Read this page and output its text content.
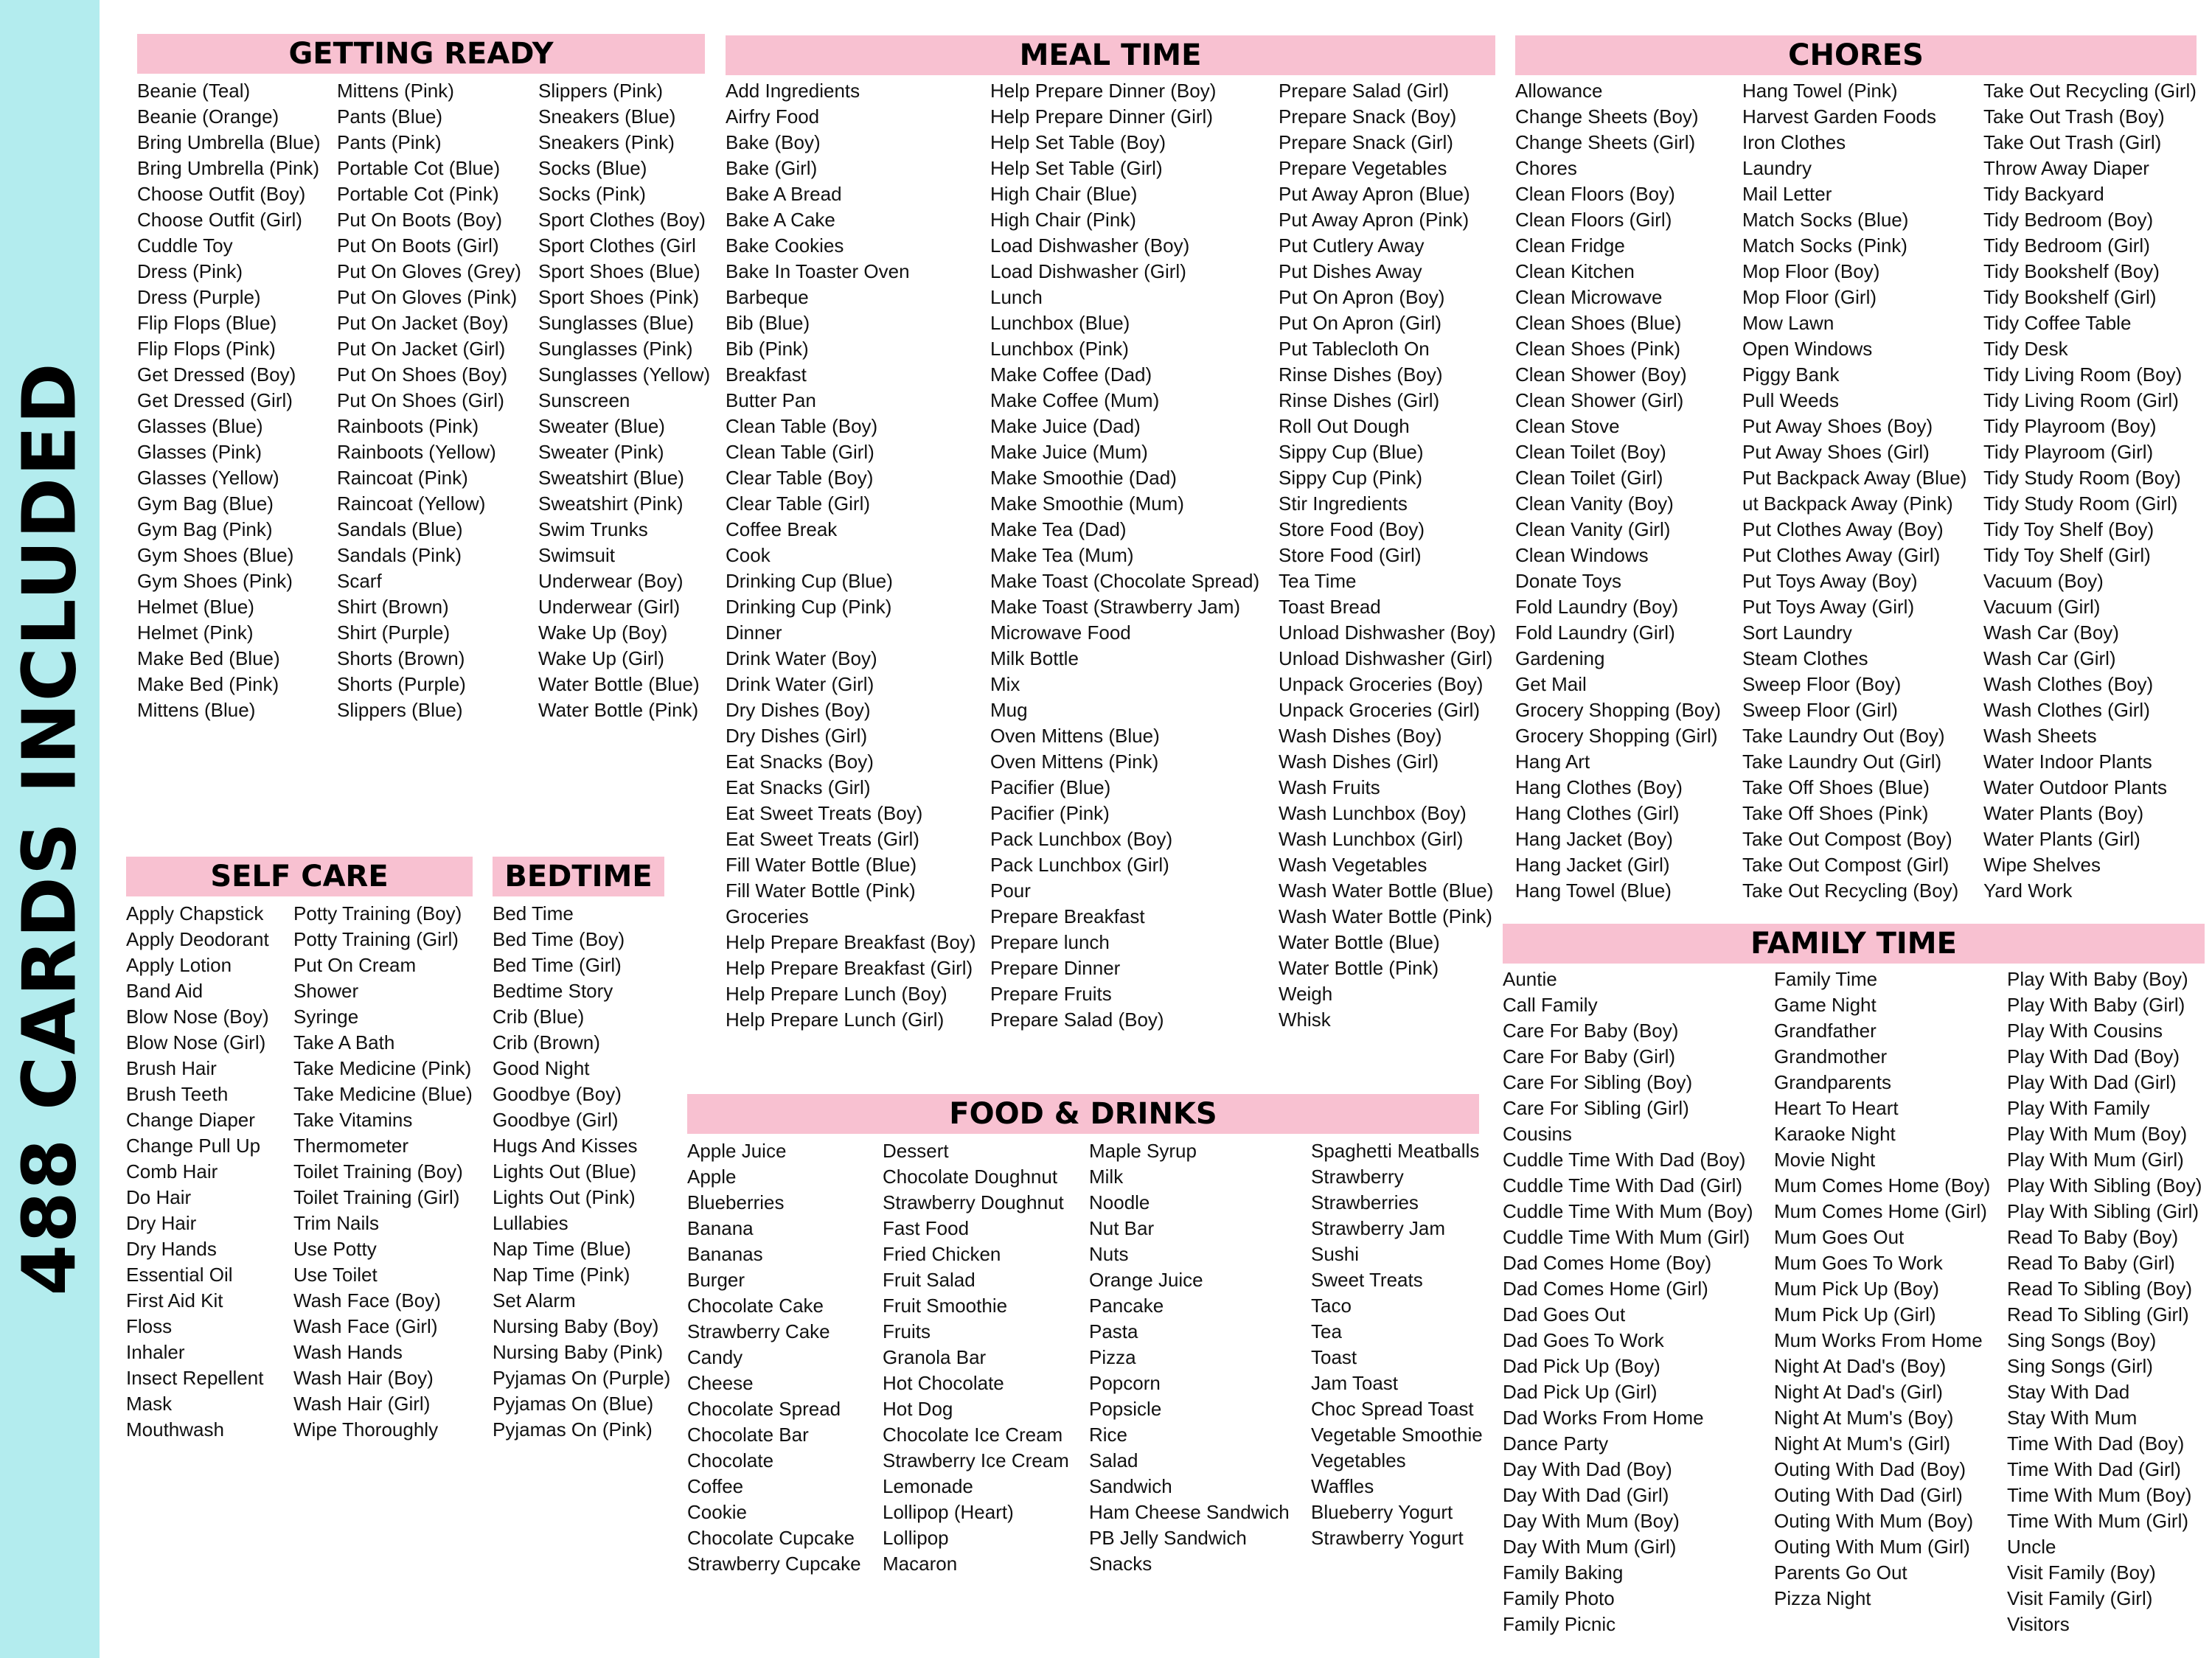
488 CARDS INCLUDED
GETTING READY
Beanie (Teal)
Beanie (Orange)
Bring Umbrella (Blue)
Bring Umbrella (Pink)
Choose Outfit (Boy)
Choose Outfit (Girl)
Cuddle Toy
Dress (Pink)
Dress (Purple)
Flip Flops (Blue)
Flip Flops (Pink)
Get Dressed (Boy)
Get Dressed (Girl)
Glasses (Blue)
Glasses (Pink)
Glasses (Yellow)
Gym Bag (Blue)
Gym Bag (Pink)
Gym Shoes (Blue)
Gym Shoes (Pink)
Helmet (Blue)
Helmet (Pink)
Make Bed (Blue)
Make Bed (Pink)
Mittens (Blue)
Mittens (Pink)
Pants (Blue)
Pants (Pink)
Portable Cot (Blue)
Portable Cot (Pink)
Put On Boots (Boy)
Put On Boots (Girl)
Put On Gloves (Grey)
Put On Gloves (Pink)
Put On Jacket (Boy)
Put On Jacket (Girl)
Put On Shoes (Boy)
Put On Shoes (Girl)
Rainboots (Pink)
Rainboots (Yellow)
Raincoat (Pink)
Raincoat (Yellow)
Sandals (Blue)
Sandals (Pink)
Scarf
Shirt (Brown)
Shirt (Purple)
Shorts (Brown)
Shorts (Purple)
Slippers (Blue)
Slippers (Pink)
Sneakers (Blue)
Sneakers (Pink)
Socks (Blue)
Socks (Pink)
Sport Clothes (Boy)
Sport Clothes (Girl
Sport Shoes (Blue)
Sport Shoes (Pink)
Sunglasses (Blue)
Sunglasses (Pink)
Sunglasses (Yellow)
Sunscreen
Sweater (Blue)
Sweater (Pink)
Sweatshirt (Blue)
Sweatshirt (Pink)
Swim Trunks
Swimsuit
Underwear (Boy)
Underwear (Girl)
Wake Up (Boy)
Wake Up (Girl)
Water Bottle (Blue)
Water Bottle (Pink)
MEAL TIME
Add Ingredients
Airfry Food
Bake (Boy)
Bake (Girl)
Bake A Bread
Bake A Cake
Bake Cookies
Bake In Toaster Oven
Barbeque
Bib (Blue)
Bib (Pink)
Breakfast
Butter Pan
Clean Table (Boy)
Clean Table (Girl)
Clear Table (Boy)
Clear Table (Girl)
Coffee Break
Cook
Drinking Cup (Blue)
Drinking Cup (Pink)
Dinner
Drink Water (Boy)
Drink Water (Girl)
Dry Dishes (Boy)
Dry Dishes (Girl)
Eat Snacks (Boy)
Eat Snacks (Girl)
Eat Sweet Treats (Boy)
Eat Sweet Treats (Girl)
Fill Water Bottle (Blue)
Fill Water Bottle (Pink)
Groceries
Help Prepare Breakfast (Boy)
Help Prepare Breakfast (Girl)
Help Prepare Lunch (Boy)
Help Prepare Lunch (Girl)
Help Prepare Dinner (Boy)
Help Prepare Dinner (Girl)
Help Set Table (Boy)
Help Set Table (Girl)
High Chair (Blue)
High Chair (Pink)
Load Dishwasher (Boy)
Load Dishwasher (Girl)
Lunch
Lunchbox (Blue)
Lunchbox (Pink)
Make Coffee (Dad)
Make Coffee (Mum)
Make Juice (Dad)
Make Juice (Mum)
Make Smoothie (Dad)
Make Smoothie (Mum)
Make Tea (Dad)
Make Tea (Mum)
Make Toast (Chocolate Spread)
Make Toast (Strawberry Jam)
Microwave Food
Milk Bottle
Mix
Mug
Oven Mittens (Blue)
Oven Mittens (Pink)
Pacifier (Blue)
Pacifier (Pink)
Pack Lunchbox (Boy)
Pack Lunchbox (Girl)
Pour
Prepare Breakfast
Prepare lunch
Prepare Dinner
Prepare Fruits
Prepare Salad (Boy)
Prepare Salad (Girl)
Prepare Snack (Boy)
Prepare Snack (Girl)
Prepare Vegetables
Put Away Apron (Blue)
Put Away Apron (Pink)
Put Cutlery Away
Put Dishes Away
Put On Apron (Boy)
Put On Apron (Girl)
Put Tablecloth On
Rinse Dishes (Boy)
Rinse Dishes (Girl)
Roll Out Dough
Sippy Cup (Blue)
Sippy Cup (Pink)
Stir Ingredients
Store Food (Boy)
Store Food (Girl)
Tea Time
Toast Bread
Unload Dishwasher (Boy)
Unload Dishwasher (Girl)
Unpack Groceries (Boy)
Unpack Groceries (Girl)
Wash Dishes (Boy)
Wash Dishes (Girl)
Wash Fruits
Wash Lunchbox (Boy)
Wash Lunchbox (Girl)
Wash Vegetables
Wash Water Bottle (Blue)
Wash Water Bottle (Pink)
Water Bottle (Blue)
Water Bottle (Pink)
Weigh
Whisk
CHORES
Allowance
Change Sheets (Boy)
Change Sheets (Girl)
Chores
Clean Floors (Boy)
Clean Floors (Girl)
Clean Fridge
Clean Kitchen
Clean Microwave
Clean Shoes (Blue)
Clean Shoes (Pink)
Clean Shower (Boy)
Clean Shower (Girl)
Clean Stove
Clean Toilet (Boy)
Clean Toilet (Girl)
Clean Vanity (Boy)
Clean Vanity (Girl)
Clean Windows
Donate Toys
Fold Laundry (Boy)
Fold Laundry (Girl)
Gardening
Get Mail
Grocery Shopping (Boy)
Grocery Shopping (Girl)
Hang Art
Hang Clothes (Boy)
Hang Clothes (Girl)
Hang Jacket (Boy)
Hang Jacket (Girl)
Hang Towel (Blue)
Hang Towel (Pink)
Harvest Garden Foods
Iron Clothes
Laundry
Mail Letter
Match Socks (Blue)
Match Socks (Pink)
Mop Floor (Boy)
Mop Floor (Girl)
Mow Lawn
Open Windows
Piggy Bank
Pull Weeds
Put Away Shoes (Boy)
Put Away Shoes (Girl)
Put Backpack Away (Blue)
ut Backpack Away (Pink)
Put Clothes Away (Boy)
Put Clothes Away (Girl)
Put Toys Away (Boy)
Put Toys Away (Girl)
Sort Laundry
Steam Clothes
Sweep Floor (Boy)
Sweep Floor (Girl)
Take Laundry Out (Boy)
Take Laundry Out (Girl)
Take Off Shoes (Blue)
Take Off Shoes (Pink)
Take Out Compost (Boy)
Take Out Compost (Girl)
Take Out Recycling (Boy)
Take Out Recycling (Girl)
Take Out Trash (Boy)
Take Out Trash (Girl)
Throw Away Diaper
Tidy Backyard
Tidy Bedroom (Boy)
Tidy Bedroom (Girl)
Tidy Bookshelf (Boy)
Tidy Bookshelf (Girl)
Tidy Coffee Table
Tidy Desk
Tidy Living Room (Boy)
Tidy Living Room (Girl)
Tidy Playroom (Boy)
Tidy Playroom (Girl)
Tidy Study Room (Boy)
Tidy Study Room (Girl)
Tidy Toy Shelf (Boy)
Tidy Toy Shelf (Girl)
Vacuum (Boy)
Vacuum (Girl)
Wash Car (Boy)
Wash Car (Girl)
Wash Clothes (Boy)
Wash Clothes (Girl)
Wash Sheets
Water Indoor Plants
Water Outdoor Plants
Water Plants (Boy)
Water Plants (Girl)
Wipe Shelves
Yard Work
SELF CARE
Apply Chapstick
Apply Deodorant
Apply Lotion
Band Aid
Blow Nose (Boy)
Blow Nose (Girl)
Brush Hair
Brush Teeth
Change Diaper
Change Pull Up
Comb Hair
Do Hair
Dry Hair
Dry Hands
Essential Oil
First Aid Kit
Floss
Inhaler
Insect Repellent
Mask
Mouthwash
Potty Training (Boy)
Potty Training (Girl)
Put On Cream
Shower
Syringe
Take A Bath
Take Medicine (Pink)
Take Medicine (Blue)
Take Vitamins
Thermometer
Toilet Training (Boy)
Toilet Training (Girl)
Trim Nails
Use Potty
Use Toilet
Wash Face (Boy)
Wash Face (Girl)
Wash Hands
Wash Hair (Boy)
Wash Hair (Girl)
Wipe Thoroughly
BEDTIME
Bed Time
Bed Time (Boy)
Bed Time (Girl)
Bedtime Story
Crib (Blue)
Crib (Brown)
Good Night
Goodbye (Boy)
Goodbye (Girl)
Hugs And Kisses
Lights Out (Blue)
Lights Out (Pink)
Lullabies
Nap Time (Blue)
Nap Time (Pink)
Set Alarm
Nursing Baby (Boy)
Nursing Baby (Pink)
Pyjamas On (Purple)
Pyjamas On (Blue)
Pyjamas On (Pink)
FOOD & DRINKS
Apple Juice
Apple
Blueberries
Banana
Bananas
Burger
Chocolate Cake
Strawberry Cake
Candy
Cheese
Chocolate Spread
Chocolate Bar
Chocolate
Coffee
Cookie
Chocolate Cupcake
Strawberry Cupcake
Dessert
Chocolate Doughnut
Strawberry Doughnut
Fast Food
Fried Chicken
Fruit Salad
Fruit Smoothie
Fruits
Granola Bar
Hot Chocolate
Hot Dog
Chocolate Ice Cream
Strawberry Ice Cream
Lemonade
Lollipop (Heart)
Lollipop
Macaron
Maple Syrup
Milk
Noodle
Nut Bar
Nuts
Orange Juice
Pancake
Pasta
Pizza
Popcorn
Popsicle
Rice
Salad
Sandwich
Ham Cheese Sandwich
PB Jelly Sandwich
Snacks
Spaghetti Meatballs
Strawberry
Strawberries
Strawberry Jam
Sushi
Sweet Treats
Taco
Tea
Toast
Jam Toast
Choc Spread Toast
Vegetable Smoothie
Vegetables
Waffles
Blueberry Yogurt
Strawberry Yogurt
FAMILY TIME
Auntie
Call Family
Care For Baby (Boy)
Care For Baby (Girl)
Care For Sibling (Boy)
Care For Sibling (Girl)
Cousins
Cuddle Time With Dad (Boy)
Cuddle Time With Dad (Girl)
Cuddle Time With Mum (Boy)
Cuddle Time With Mum (Girl)
Dad Comes Home (Boy)
Dad Comes Home (Girl)
Dad Goes Out
Dad Goes To Work
Dad Pick Up (Boy)
Dad Pick Up (Girl)
Dad Works From Home
Dance Party
Day With Dad (Boy)
Day With Dad (Girl)
Day With Mum (Boy)
Day With Mum (Girl)
Family Baking
Family Photo
Family Picnic
Family Time
Game Night
Grandfather
Grandmother
Grandparents
Heart To Heart
Karaoke Night
Movie Night
Mum Comes Home (Boy)
Mum Comes Home (Girl)
Mum Goes Out
Mum Goes To Work
Mum Pick Up (Boy)
Mum Pick Up (Girl)
Mum Works From Home
Night At Dad's (Boy)
Night At Dad's (Girl)
Night At Mum's (Boy)
Night At Mum's (Girl)
Outing With Dad (Boy)
Outing With Dad (Girl)
Outing With Mum (Boy)
Outing With Mum (Girl)
Parents Go Out
Pizza Night
Play With Baby (Boy)
Play With Baby (Girl)
Play With Cousins
Play With Dad (Boy)
Play With Dad (Girl)
Play With Family
Play With Mum (Boy)
Play With Mum (Girl)
Play With Sibling (Boy)
Play With Sibling (Girl)
Read To Baby (Boy)
Read To Baby (Girl)
Read To Sibling (Boy)
Read To Sibling (Girl)
Sing Songs (Boy)
Sing Songs (Girl)
Stay With Dad
Stay With Mum
Time With Dad (Boy)
Time With Dad (Girl)
Time With Mum (Boy)
Time With Mum (Girl)
Uncle
Visit Family (Boy)
Visit Family (Girl)
Visitors
